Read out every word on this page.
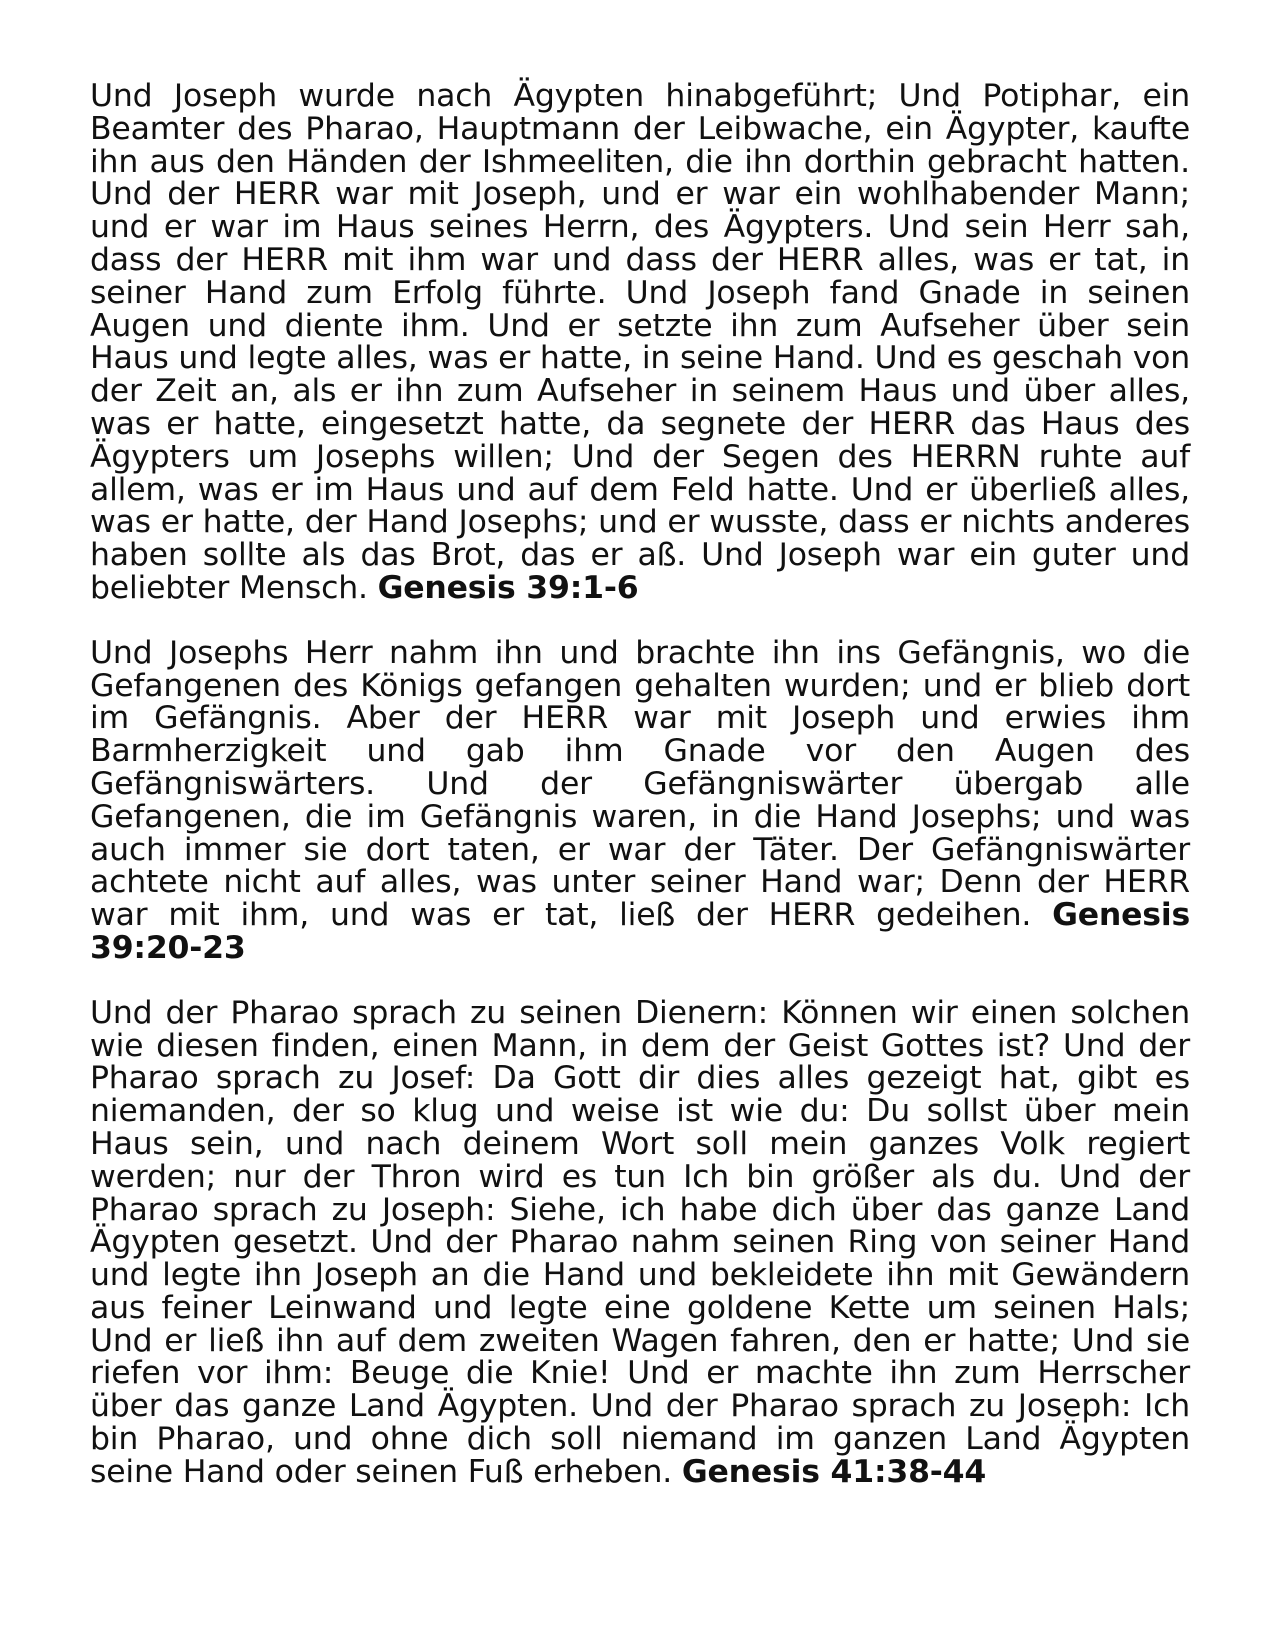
Und Joseph wurde nach Ägypten hinabgeführt; Und Potiphar, ein Beamter des Pharao, Hauptmann der Leibwache, ein Ägypter, kaufte ihn aus den Händen der Ishmeeliten, die ihn dorthin gebracht hatten. Und der HERR war mit Joseph, und er war ein wohlhabender Mann; und er war im Haus seines Herrn, des Ägypters. Und sein Herr sah, dass der HERR mit ihm war und dass der HERR alles, was er tat, in seiner Hand zum Erfolg führte. Und Joseph fand Gnade in seinen Augen und diente ihm. Und er setzte ihn zum Aufseher über sein Haus und legte alles, was er hatte, in seine Hand. Und es geschah von der Zeit an, als er ihn zum Aufseher in seinem Haus und über alles, was er hatte, eingesetzt hatte, da segnete der HERR das Haus des Ägypters um Josephs willen; Und der Segen des HERRN ruhte auf allem, was er im Haus und auf dem Feld hatte. Und er überließ alles, was er hatte, der Hand Josephs; und er wusste, dass er nichts anderes haben sollte als das Brot, das er aß. Und Joseph war ein guter und beliebter Mensch. Genesis 39:1-6

Und Josephs Herr nahm ihn und brachte ihn ins Gefängnis, wo die Gefangenen des Königs gefangen gehalten wurden; und er blieb dort im Gefängnis. Aber der HERR war mit Joseph und erwies ihm Barmherzigkeit und gab ihm Gnade vor den Augen des Gefängniswärters. Und der Gefängniswärter übergab alle Gefangenen, die im Gefängnis waren, in die Hand Josephs; und was auch immer sie dort taten, er war der Täter. Der Gefängniswärter achtete nicht auf alles, was unter seiner Hand war; Denn der HERR war mit ihm, und was er tat, ließ der HERR gedeihen. Genesis 39:20-23

Und der Pharao sprach zu seinen Dienern: Können wir einen solchen wie diesen finden, einen Mann, in dem der Geist Gottes ist? Und der Pharao sprach zu Josef: Da Gott dir dies alles gezeigt hat, gibt es niemanden, der so klug und weise ist wie du: Du sollst über mein Haus sein, und nach deinem Wort soll mein ganzes Volk regiert werden; nur der Thron wird es tun Ich bin größer als du. Und der Pharao sprach zu Joseph: Siehe, ich habe dich über das ganze Land Ägypten gesetzt. Und der Pharao nahm seinen Ring von seiner Hand und legte ihn Joseph an die Hand und bekleidete ihn mit Gewändern aus feiner Leinwand und legte eine goldene Kette um seinen Hals; Und er ließ ihn auf dem zweiten Wagen fahren, den er hatte; Und sie riefen vor ihm: Beuge die Knie! Und er machte ihn zum Herrscher über das ganze Land Ägypten. Und der Pharao sprach zu Joseph: Ich bin Pharao, und ohne dich soll niemand im ganzen Land Ägypten seine Hand oder seinen Fuß erheben. Genesis 41:38-44
